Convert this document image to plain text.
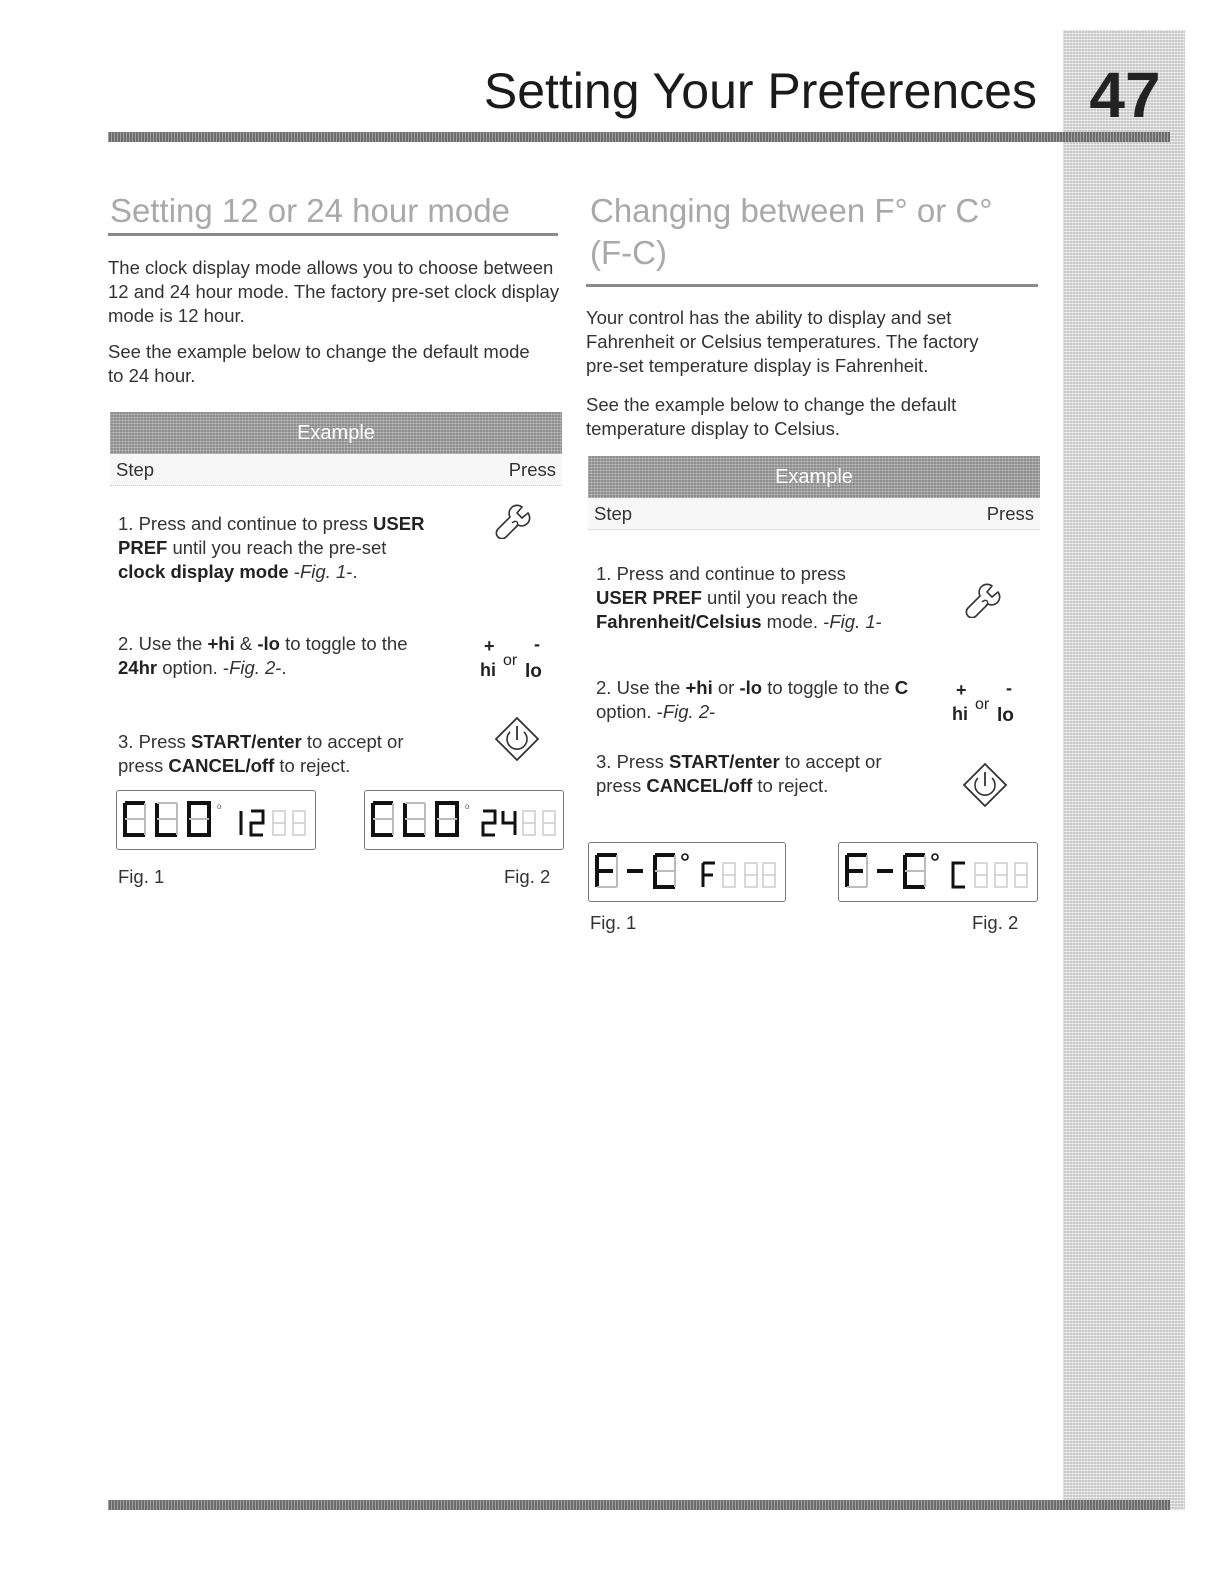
47
Setting Your Preferences
Setting 12 or 24 hour mode
The clock display mode allows you to choose between 12 and 24 hour mode. The factory pre-set clock display mode is 12 hour.
See the example below to change the default mode to 24 hour.
Example
Step	Press
1. Press and continue to press USER PREF until you reach the pre-set clock display mode -Fig. 1-.
2. Use the +hi & -lo to toggle to the 24hr option. -Fig. 2-.
+ -
hi or
lo
3. Press START/enter to accept or press CANCEL/off to reject.
o	o
Fig. 1	Fig. 2
Changing between F° or C°
(F-C)
Your control has the ability to display and set Fahrenheit or Celsius temperatures. The factory pre-set temperature display is Fahrenheit.
See the example below to change the default temperature display to Celsius.
Example
Step	Press
1. Press and continue to press USER PREF until you reach the Fahrenheit/Celsius mode. -Fig. 1-
2. Use the +hi or -lo to toggle to the C option. -Fig. 2-
+ -
hi or
lo
3. Press START/enter to accept or press CANCEL/off to reject.
Fig. 1	Fig. 2
